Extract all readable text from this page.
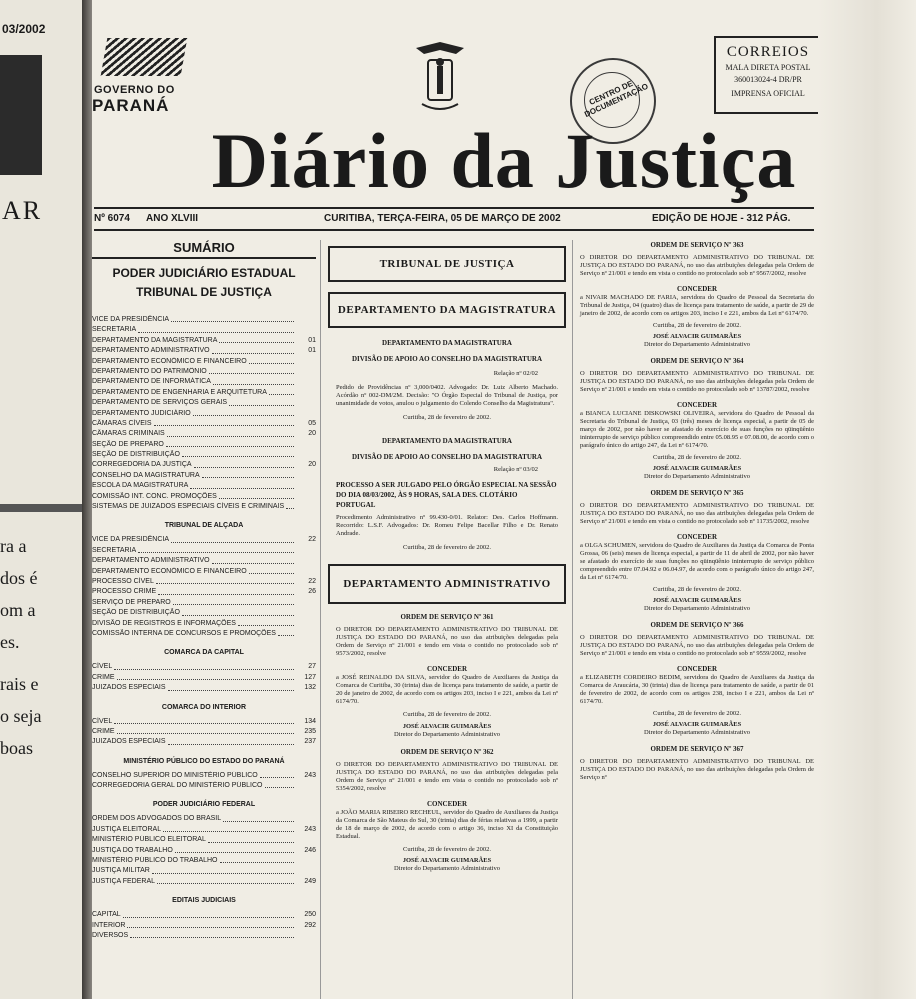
03/2002
AR
ra a
dos é
om a
es.
rais e
o seja
boas
GOVERNO DO
PARANÁ	CENTRO DE DOCUMENTAÇÃO
CORREIOS
MALA DIRETA POSTAL
360013024-4 DR/PR
IMPRENSA OFICIAL
Diário da Justiça
Nº 6074 ANO XLVIII	CURITIBA, TERÇA-FEIRA, 05 DE MARÇO DE 2002	EDIÇÃO DE HOJE - 312 PÁG.
SUMÁRIO
PODER JUDICIÁRIO ESTADUAL
TRIBUNAL DE JUSTIÇA
VICE DA PRESIDÊNCIA
SECRETARIA
DEPARTAMENTO DA MAGISTRATURA	01
DEPARTAMENTO ADMINISTRATIVO	01
DEPARTAMENTO ECONÔMICO E FINANCEIRO
DEPARTAMENTO DO PATRIMÔNIO
DEPARTAMENTO DE INFORMÁTICA
DEPARTAMENTO DE ENGENHARIA E ARQUITETURA
DEPARTAMENTO DE SERVIÇOS GERAIS
DEPARTAMENTO JUDICIÁRIO
CÂMARAS CÍVEIS	05
CÂMARAS CRIMINAIS	20
SEÇÃO DE PREPARO
SEÇÃO DE DISTRIBUIÇÃO
CORREGEDORIA DA JUSTIÇA	20
CONSELHO DA MAGISTRATURA
ESCOLA DA MAGISTRATURA
COMISSÃO INT. CONC. PROMOÇÕES
SISTEMAS DE JUIZADOS ESPECIAIS CÍVEIS E CRIMINAIS
TRIBUNAL DE ALÇADA
VICE DA PRESIDÊNCIA	22
SECRETARIA
DEPARTAMENTO ADMINISTRATIVO
DEPARTAMENTO ECONÔMICO E FINANCEIRO
PROCESSO CÍVEL	22
PROCESSO CRIME	26
SERVIÇO DE PREPARO
SEÇÃO DE DISTRIBUIÇÃO
DIVISÃO DE REGISTROS E INFORMAÇÕES
COMISSÃO INTERNA DE CONCURSOS E PROMOÇÕES
COMARCA DA CAPITAL
CÍVEL	27
CRIME	127
JUIZADOS ESPECIAIS	132
COMARCA DO INTERIOR
CÍVEL	134
CRIME	235
JUIZADOS ESPECIAIS	237
MINISTÉRIO PÚBLICO DO ESTADO DO PARANÁ
CONSELHO SUPERIOR DO MINISTÉRIO PÚBLICO	243
CORREGEDORIA GERAL DO MINISTÉRIO PÚBLICO
PODER JUDICIÁRIO FEDERAL
ORDEM DOS ADVOGADOS DO BRASIL
JUSTIÇA ELEITORAL	243
MINISTÉRIO PÚBLICO ELEITORAL
JUSTIÇA DO TRABALHO	246
MINISTÉRIO PÚBLICO DO TRABALHO
JUSTIÇA MILITAR
JUSTIÇA FEDERAL	249
EDITAIS JUDICIAIS
CAPITAL	250
INTERIOR	292
DIVERSOS
TRIBUNAL DE JUSTIÇA
DEPARTAMENTO DA MAGISTRATURA
DEPARTAMENTO DA MAGISTRATURA
DIVISÃO DE APOIO AO CONSELHO DA MAGISTRATURA
Relação nº 02/02
Pedido de Providências nº 3,000/0402. Advogado: Dr. Luiz Alberto Machado. Acórdão nº 002-DM/2M. Decisão: "O Órgão Especial do Tribunal de Justiça, por unanimidade de votos, anulou o julgamento do Colendo Conselho da Magistratura".
Curitiba, 28 de fevereiro de 2002.
DEPARTAMENTO DA MAGISTRATURA
DIVISÃO DE APOIO AO CONSELHO DA MAGISTRATURA
Relação nº 03/02
PROCESSO A SER JULGADO PELO ÓRGÃO ESPECIAL NA SESSÃO DO DIA 08/03/2002, ÀS 9 HORAS, SALA DES. CLOTÁRIO PORTUGAL
Procedimento Administrativo nº 99.430-0/01. Relator: Des. Carlos Hoffmann. Recorrido: L.S.F. Advogados: Dr. Romeu Felipe Bacellar Filho e Dr. Renato Andrade.
Curitiba, 28 de fevereiro de 2002.
DEPARTAMENTO ADMINISTRATIVO
ORDEM DE SERVIÇO Nº 361
O DIRETOR DO DEPARTAMENTO ADMINISTRATIVO DO TRIBUNAL DE JUSTIÇA DO ESTADO DO PARANÁ, no uso das atribuições delegadas pela Ordem de Serviço nº 21/001 e tendo em vista o contido no protocolado sob nº 9573/2002, resolve
CONCEDER
a JOSÉ REINALDO DA SILVA, servidor do Quadro de Auxiliares da Justiça da Comarca de Curitiba, 30 (trinta) dias de licença para tratamento de saúde, a partir de 20 de janeiro de 2002, de acordo com os artigos 203, inciso I e 221, ambos da Lei nº 6174/70.
Curitiba, 28 de fevereiro de 2002.
JOSÉ ALVACIR GUIMARÃES
Diretor do Departamento Administrativo
ORDEM DE SERVIÇO Nº 362
O DIRETOR DO DEPARTAMENTO ADMINISTRATIVO DO TRIBUNAL DE JUSTIÇA DO ESTADO DO PARANÁ, no uso das atribuições delegadas pela Ordem de Serviço nº 21/001 e tendo em vista o contido no protocolado sob nº 5354/2002, resolve
CONCEDER
a JOÃO MARIA RIBEIRO RECHEUL, servidor do Quadro de Auxiliares da Justiça da Comarca de São Mateus do Sul, 30 (trinta) dias de férias relativas a 1999, a partir de 18 de março de 2002, de acordo com o artigo 36, inciso XI da Constituição Estadual.
Curitiba, 28 de fevereiro de 2002.
JOSÉ ALVACIR GUIMARÃES
Diretor do Departamento Administrativo
ORDEM DE SERVIÇO Nº 363
O DIRETOR DO DEPARTAMENTO ADMINISTRATIVO DO TRIBUNAL DE JUSTIÇA DO ESTADO DO PARANÁ, no uso das atribuições delegadas pela Ordem de Serviço nº 21/001 e tendo em vista o contido no protocolado sob nº 9567/2002, resolve
CONCEDER
a NIVAIR MACHADO DE FARIA, servidora do Quadro de Pessoal da Secretaria do Tribunal de Justiça, 04 (quatro) dias de licença para tratamento de saúde, a partir de 29 de janeiro de 2002, de acordo com os artigos 203, inciso I e 221, ambos da Lei nº 6174/70.
Curitiba, 28 de fevereiro de 2002.
JOSÉ ALVACIR GUIMARÃES
Diretor do Departamento Administrativo
ORDEM DE SERVIÇO Nº 364
O DIRETOR DO DEPARTAMENTO ADMINISTRATIVO DO TRIBUNAL DE JUSTIÇA DO ESTADO DO PARANÁ, no uso das atribuições delegadas pela Ordem de Serviço nº 21/001 e tendo em vista o contido no protocolado sob nº 13787/2002, resolve
CONCEDER
a BIANCA LUCIANE DISKOWSKI OLIVEIRA, servidora do Quadro de Pessoal da Secretaria do Tribunal de Justiça, 03 (três) meses de licença especial, a partir de 05 de março de 2002, por não haver se afastado do exercício de suas funções no qüinqüênio ininterrupto de serviço público compreendido entre 05.08.95 e 07.08.00, de acordo com o parágrafo único do artigo 247, da Lei nº 6174/70.
Curitiba, 28 de fevereiro de 2002.
JOSÉ ALVACIR GUIMARÃES
Diretor do Departamento Administrativo
ORDEM DE SERVIÇO Nº 365
O DIRETOR DO DEPARTAMENTO ADMINISTRATIVO DO TRIBUNAL DE JUSTIÇA DO ESTADO DO PARANÁ, no uso das atribuições delegadas pela Ordem de Serviço nº 21/001 e tendo em vista o contido no protocolado sob nº 11735/2002, resolve
CONCEDER
a OLGA SCHUMEN, servidora do Quadro de Auxiliares da Justiça da Comarca de Ponta Grossa, 06 (seis) meses de licença especial, a partir de 11 de abril de 2002, por não haver se afastado do exercício de suas funções no qüinqüênio ininterrupto de serviço público compreendido entre 07.04.92 e 06.04.97, de acordo com o parágrafo único do artigo 247, da Lei nº 6174/70.
Curitiba, 28 de fevereiro de 2002.
JOSÉ ALVACIR GUIMARÃES
Diretor do Departamento Administrativo
ORDEM DE SERVIÇO Nº 366
O DIRETOR DO DEPARTAMENTO ADMINISTRATIVO DO TRIBUNAL DE JUSTIÇA DO ESTADO DO PARANÁ, no uso das atribuições delegadas pela Ordem de Serviço nº 21/001 e tendo em vista o contido no protocolado sob nº 9559/2002, resolve
CONCEDER
a ELIZABETH CORDEIRO BEDIM, servidora do Quadro de Auxiliares da Justiça da Comarca de Araucária, 30 (trinta) dias de licença para tratamento de saúde, a partir de 01 de fevereiro de 2002, de acordo com os artigos 238, inciso I e 221, ambos da Lei nº 6174/70.
Curitiba, 28 de fevereiro de 2002.
JOSÉ ALVACIR GUIMARÃES
Diretor do Departamento Administrativo
ORDEM DE SERVIÇO Nº 367
O DIRETOR DO DEPARTAMENTO ADMINISTRATIVO DO TRIBUNAL DE JUSTIÇA DO ESTADO DO PARANÁ, no uso das atribuições delegadas pela Ordem de Serviço nº
